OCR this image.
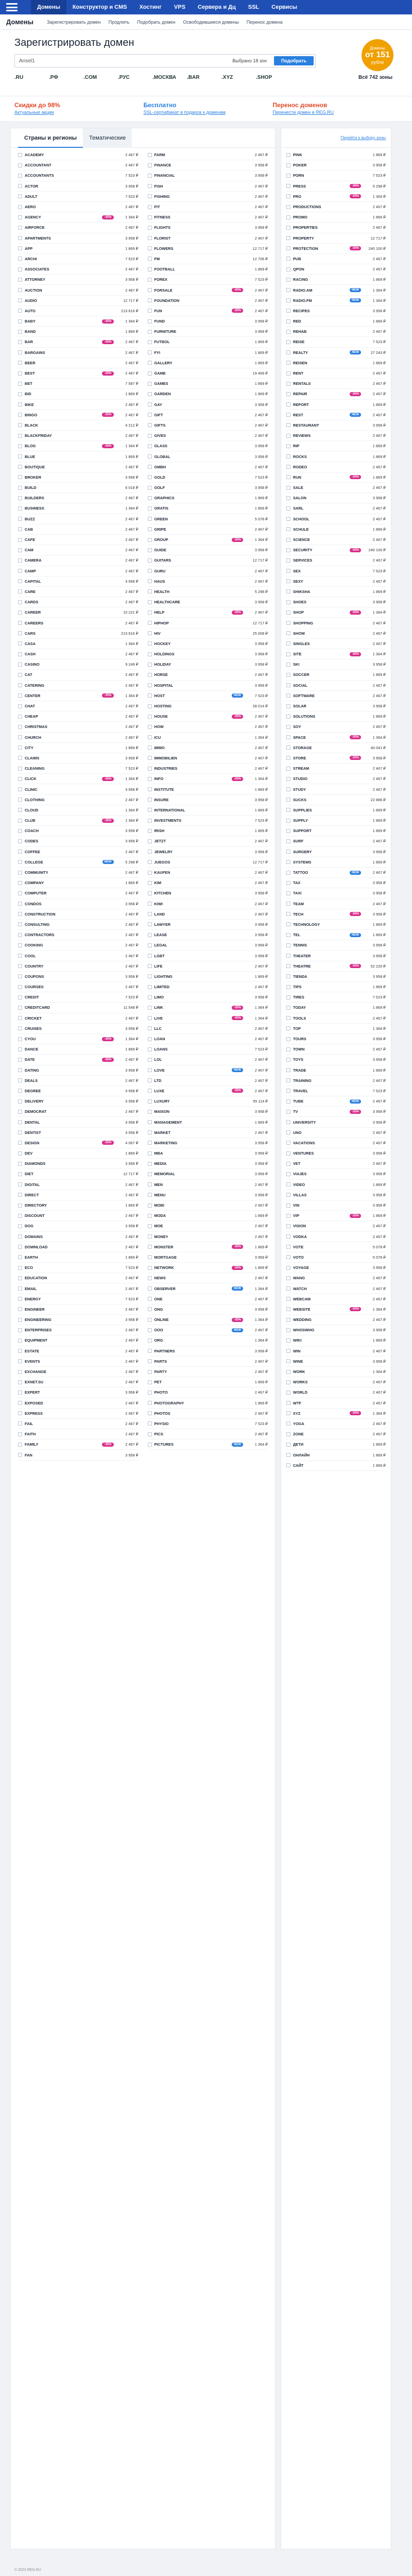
Домены	Конструктор и CMS	Хостинг	VPS	Сервера и Дц	SSL	Сервисы
Домены	Зарегистрировать домен Продлить Подобрать домен Освободившиеся домены Перенос домена
Зарегистрировать домен
Ansel1	Выбрано 18 зон	Подобрать
Домены
от 151
рубля
.RU	.РФ	.COM	.РУС	.МОСКВА	.BAR	.XYZ	.SHOP	Всё 742 зоны
Скидки до 98%
Актуальные акции
Бесплатно
SSL-сертификат в подарок к доменам
Перенос доменов
Перенести домен в REG.RU
Страны и регионы	Тематические
ACADEMY	2 467 ₽
ACCOUNTANT	2 467 ₽
ACCOUNTANTS	7 523 ₽
ACTOR	3 958 ₽
ADULT	7 523 ₽
AERO	2 467 ₽
AGENCY	-35%	1 364 ₽
AIRFORCE	2 467 ₽
APARTMENTS	3 958 ₽
APP	1 869 ₽
ARCHI	7 523 ₽
ASSOCIATES	2 467 ₽
ATTORNEY	3 958 ₽
AUCTION	2 467 ₽
AUDIO	12 717 ₽
AUTO	213 616 ₽
BABY	-35%	1 364 ₽
BAND	1 869 ₽
BAR	-35%	2 467 ₽
BARGAINS	2 467 ₽
BEER	2 467 ₽
BEST	-35%	2 467 ₽
BET	7 587 ₽
BID	1 869 ₽
BIKE	2 467 ₽
BINGO	-35%	2 467 ₽
BLACK	4 212 ₽
BLACKFRIDAY	2 467 ₽
BLOG	-35%	1 364 ₽
BLUE	1 869 ₽
BOUTIQUE	2 467 ₽
BROKER	3 958 ₽
BUILD	6 018 ₽
BUILDERS	2 467 ₽
BUSINESS	1 364 ₽
BUZZ	2 467 ₽
CAB	2 467 ₽
CAFE	2 467 ₽
CAM	2 467 ₽
CAMERA	2 467 ₽
CAMP	2 467 ₽
CAPITAL	3 958 ₽
CARE	2 467 ₽
CARDS	2 467 ₽
CAREER	10 221 ₽
CAREERS	2 467 ₽
CARS	213 616 ₽
CASA	1 364 ₽
CASH	2 467 ₽
CASINO	9 249 ₽
CAT	2 467 ₽
CATERING	2 467 ₽
CENTER	-35%	1 364 ₽
CHAT	2 467 ₽
CHEAP	2 467 ₽
CHRISTMAS	2 467 ₽
CHURCH	2 467 ₽
CITY	1 869 ₽
CLAIMS	3 958 ₽
CLEANING	7 523 ₽
CLICK	-35%	1 364 ₽
CLINIC	3 958 ₽
CLOTHING	2 467 ₽
CLOUD	1 364 ₽
CLUB	-35%	1 364 ₽
COACH	3 958 ₽
CODES	3 958 ₽
COFFEE	2 467 ₽
COLLEGE	NEW	5 298 ₽
COMMUNITY	2 467 ₽
COMPANY	1 869 ₽
COMPUTER	2 467 ₽
CONDOS	3 958 ₽
CONSTRUCTION	2 467 ₽
CONSULTING	2 467 ₽
CONTRACTORS	2 467 ₽
COOKING	2 467 ₽
COOL	2 467 ₽
COUNTRY	2 467 ₽
COUPONS	3 958 ₽
COURSES	2 467 ₽
CREDIT	7 523 ₽
CREDITCARD	11 548 ₽
CRICKET	2 467 ₽
CRUISES	3 958 ₽
CYOU	-35%	1 364 ₽
DANCE	1 869 ₽
DATE	-35%	2 467 ₽
DATING	3 958 ₽
DEALS	2 467 ₽
DEGREE	3 958 ₽
DELIVERY	3 958 ₽
DEMOCRAT	2 467 ₽
DENTAL	3 958 ₽
DENTIST	3 958 ₽
DESIGN	-35%	4 067 ₽
DEV	1 869 ₽
DIAMONDS	3 958 ₽
DIET	12 717 ₽
DIGITAL	2 467 ₽
DIRECT	2 467 ₽
DIRECTORY	1 869 ₽
DISCOUNT	2 467 ₽
DOG	3 958 ₽
DOMAINS	2 467 ₽
DOWNLOAD	2 467 ₽
EARTH	1 869 ₽
ECO	7 523 ₽
EDUCATION	2 467 ₽
EMAIL	2 467 ₽
ENERGY	7 523 ₽
ENGINEER	2 467 ₽
ENGINEERING	3 958 ₽
ENTERPRISES	2 467 ₽
EQUIPMENT	2 467 ₽
ESTATE	2 467 ₽
EVENTS	2 467 ₽
EXCHANGE	2 467 ₽
EXNET.SU	2 467 ₽
EXPERT	3 958 ₽
EXPOSED	2 467 ₽
EXPRESS	2 467 ₽
FAIL	2 467 ₽
FAITH	2 467 ₽
FAMILY	-35%	2 467 ₽
FAN	3 958 ₽
FARM	2 467 ₽
FINANCE	3 958 ₽
FINANCIAL	3 958 ₽
FISH	2 467 ₽
FISHING	2 467 ₽
FIT	2 467 ₽
FITNESS	2 467 ₽
FLIGHTS	3 958 ₽
FLORIST	2 467 ₽
FLOWERS	12 717 ₽
FM	12 706 ₽
FOOTBALL	1 869 ₽
FOREX	7 523 ₽
FORSALE	-35%	2 467 ₽
FOUNDATION	2 467 ₽
FUN	-35%	2 467 ₽
FUND	3 958 ₽
FURNITURE	3 958 ₽
FUTBOL	1 869 ₽
FYI	1 869 ₽
GALLERY	1 869 ₽
GAME	19 469 ₽
GAMES	1 869 ₽
GARDEN	1 869 ₽
GAY	3 958 ₽
GIFT	2 467 ₽
GIFTS	2 467 ₽
GIVES	2 467 ₽
GLASS	3 958 ₽
GLOBAL	3 958 ₽
GMBH	2 467 ₽
GOLD	7 523 ₽
GOLF	3 958 ₽
GRAPHICS	1 869 ₽
GRATIS	1 869 ₽
GREEN	5 078 ₽
GRIPE	2 467 ₽
GROUP	-35%	1 364 ₽
GUIDE	3 958 ₽
GUITARS	12 717 ₽
GURU	2 467 ₽
HAUS	2 467 ₽
HEALTH	5 298 ₽
HEALTHCARE	3 958 ₽
HELP	-35%	2 467 ₽
HIPHOP	12 717 ₽
HIV	25 008 ₽
HOCKEY	3 958 ₽
HOLDINGS	3 958 ₽
HOLIDAY	3 958 ₽
HORSE	2 467 ₽
HOSPITAL	3 958 ₽
HOST	NEW	7 523 ₽
HOSTING	28 014 ₽
HOUSE	-35%	2 467 ₽
HOW	2 467 ₽
ICU	1 364 ₽
IMMO	2 467 ₽
IMMOBILIEN	2 467 ₽
INDUSTRIES	2 467 ₽
INFO	-35%	1 364 ₽
INSTITUTE	1 869 ₽
INSURE	3 958 ₽
INTERNATIONAL	1 869 ₽
INVESTMENTS	7 523 ₽
IRISH	1 869 ₽
JETZT	2 467 ₽
JEWELRY	3 958 ₽
JUEGOS	12 717 ₽
KAUFEN	2 467 ₽
KIM	2 467 ₽
KITCHEN	3 958 ₽
KIWI	2 467 ₽
LAND	2 467 ₽
LAWYER	3 958 ₽
LEASE	3 958 ₽
LEGAL	3 958 ₽
LGBT	3 958 ₽
LIFE	2 467 ₽
LIGHTING	1 869 ₽
LIMITED	2 467 ₽
LIMO	3 958 ₽
LINK	-35%	1 364 ₽
LIVE	-35%	1 364 ₽
LLC	2 467 ₽
LOAN	2 467 ₽
LOANS	7 523 ₽
LOL	2 467 ₽
LOVE	NEW	2 467 ₽
LTD	2 467 ₽
LUXE	-35%	2 467 ₽
LUXURY	55 114 ₽
MAISON	3 958 ₽
MANAGEMENT	1 869 ₽
MARKET	2 467 ₽
MARKETING	3 958 ₽
MBA	3 958 ₽
MEDIA	3 958 ₽
MEMORIAL	3 958 ₽
MEN	2 467 ₽
MENU	3 958 ₽
MOBI	2 467 ₽
MODA	1 869 ₽
MOE	2 467 ₽
MONEY	2 467 ₽
MONSTER	-35%	1 869 ₽
MORTGAGE	3 958 ₽
NETWORK	-35%	1 869 ₽
NEWS	2 467 ₽
OBSERVER	NEW	1 364 ₽
ONE	2 467 ₽
ONG	3 958 ₽
ONLINE	-35%	1 364 ₽
OOO	NEW	2 467 ₽
ORG	1 364 ₽
PARTNERS	3 958 ₽
PARTS	2 467 ₽
PARTY	2 467 ₽
PET	1 869 ₽
PHOTO	2 467 ₽
PHOTOGRAPHY	1 869 ₽
PHOTOS	2 467 ₽
PHYSIO	7 523 ₽
PICS	2 467 ₽
PICTURES	NEW	1 364 ₽
Перейти к выбору зоны
PINK	1 869 ₽
POKER	3 958 ₽
PORN	7 523 ₽
PRESS	-35%	5 298 ₽
PRO	-35%	1 364 ₽
PRODUCTIONS	2 467 ₽
PROMO	1 869 ₽
PROPERTIES	2 467 ₽
PROPERTY	12 717 ₽
PROTECTION	-35%	240 100 ₽
PUB	2 467 ₽
QPON	2 467 ₽
RACING	1 869 ₽
RADIO.AM	NEW	1 364 ₽
RADIO.FM	NEW	1 364 ₽
RECIPES	3 958 ₽
RED	1 869 ₽
REHAB	2 467 ₽
REISE	7 523 ₽
REALTY	NEW	27 243 ₽
REISEN	1 869 ₽
RENT	2 467 ₽
RENTALS	2 467 ₽
REPAIR	-35%	2 467 ₽
REPORT	1 869 ₽
REST	NEW	2 467 ₽
RESTAURANT	3 958 ₽
REVIEWS	2 467 ₽
RIP	1 869 ₽
ROCKS	1 869 ₽
RODEO	2 467 ₽
RUN	-35%	1 869 ₽
SALE	2 467 ₽
SALON	3 958 ₽
SARL	2 467 ₽
SCHOOL	2 467 ₽
SCHULE	1 869 ₽
SCIENCE	2 467 ₽
SECURITY	-35%	240 100 ₽
SERVICES	2 467 ₽
SEX	7 523 ₽
SEXY	2 467 ₽
SHIKSHA	1 869 ₽
SHOES	3 958 ₽
SHOP	-35%	1 364 ₽
SHOPPING	2 467 ₽
SHOW	2 467 ₽
SINGLES	2 467 ₽
SITE	-35%	1 364 ₽
SKI	3 958 ₽
SOCCER	1 869 ₽
SOCIAL	2 467 ₽
SOFTWARE	2 467 ₽
SOLAR	3 958 ₽
SOLUTIONS	1 869 ₽
SOY	2 467 ₽
SPACE	-35%	1 364 ₽
STORAGE	40 041 ₽
STORE	-35%	3 958 ₽
STREAM	2 467 ₽
STUDIO	2 467 ₽
STUDY	2 467 ₽
SUCKS	22 886 ₽
SUPPLIES	1 869 ₽
SUPPLY	1 869 ₽
SUPPORT	1 869 ₽
SURF	2 467 ₽
SURGERY	3 958 ₽
SYSTEMS	1 869 ₽
TATTOO	NEW	2 467 ₽
TAX	3 958 ₽
TAXI	3 958 ₽
TEAM	2 467 ₽
TECH	-35%	3 958 ₽
TECHNOLOGY	1 869 ₽
TEL	NEW	1 869 ₽
TENNIS	3 958 ₽
THEATER	3 958 ₽
THEATRE	-35%	52 220 ₽
TIENDA	3 958 ₽
TIPS	1 869 ₽
TIRES	7 523 ₽
TODAY	1 869 ₽
TOOLS	2 467 ₽
TOP	1 364 ₽
TOURS	3 958 ₽
TOWN	2 467 ₽
TOYS	3 958 ₽
TRADE	1 869 ₽
TRAINING	2 467 ₽
TRAVEL	7 523 ₽
TUBE	NEW	2 467 ₽
TV	-35%	3 958 ₽
UNIVERSITY	3 958 ₽
UNO	2 467 ₽
VACATIONS	2 467 ₽
VENTURES	3 958 ₽
VET	2 467 ₽
VIAJES	3 958 ₽
VIDEO	1 869 ₽
VILLAS	3 958 ₽
VIN	3 958 ₽
VIP	-35%	1 869 ₽
VISION	2 467 ₽
VODKA	2 467 ₽
VOTE	5 078 ₽
VOTO	5 078 ₽
VOYAGE	3 958 ₽
WANG	2 467 ₽
WATCH	2 467 ₽
WEBCAM	2 467 ₽
WEBSITE	-35%	1 364 ₽
WEDDING	2 467 ₽
WHOSWHO	3 958 ₽
WIKI	1 869 ₽
WIN	2 467 ₽
WINE	3 958 ₽
WORK	1 364 ₽
WORKS	2 467 ₽
WORLD	2 467 ₽
WTF	2 467 ₽
XYZ	-35%	1 364 ₽
YOGA	2 467 ₽
ZONE	2 467 ₽
ДЕТИ	1 869 ₽
ОНЛАЙН	1 869 ₽
САЙТ	1 869 ₽
© 2022 REG.RU
